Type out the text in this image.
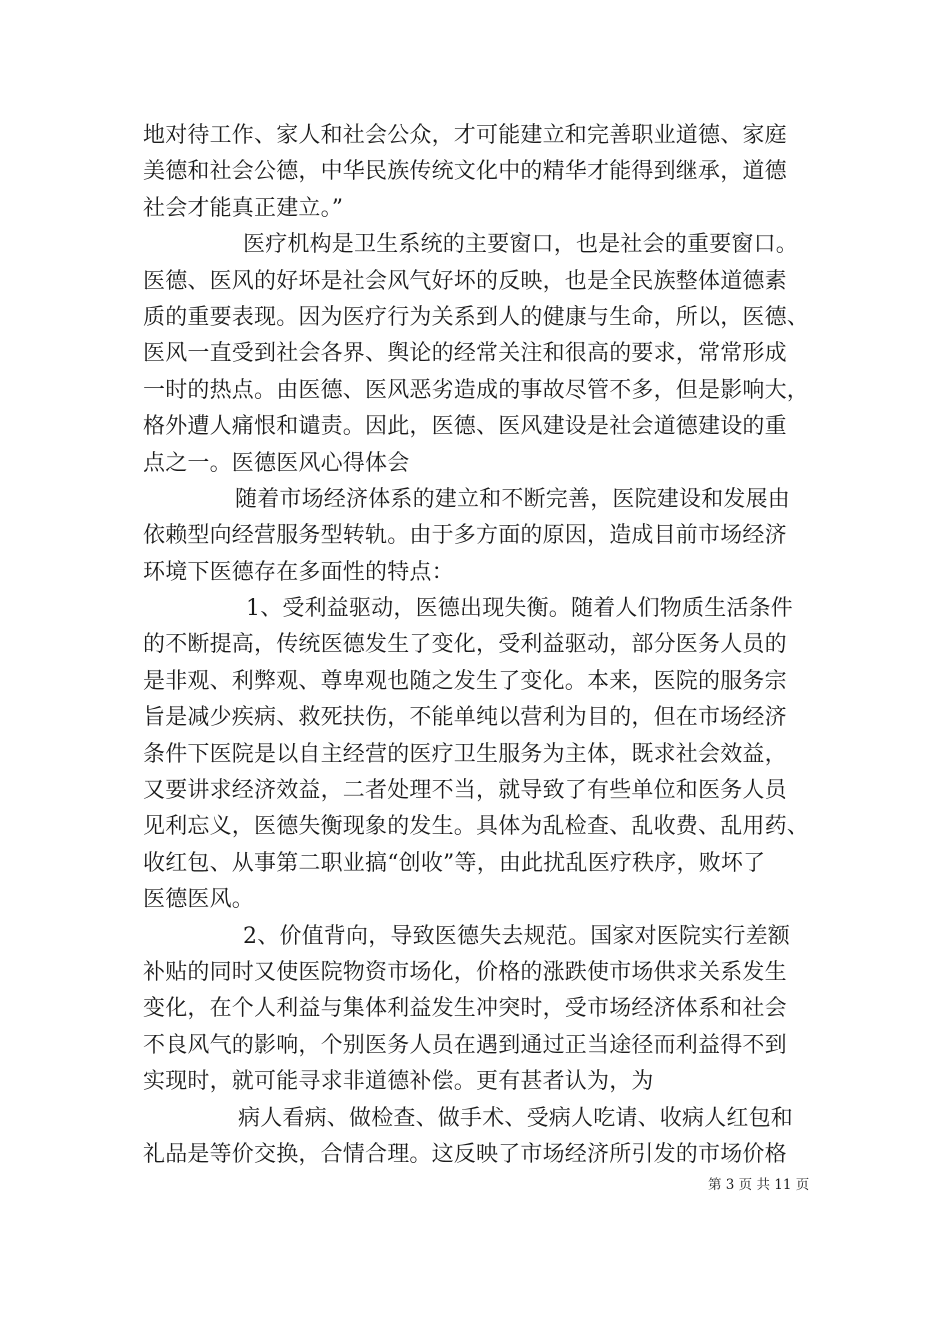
地对待工作、家人和社会公众，才可能建立和完善职业道德、家庭
美德和社会公德，中华民族传统文化中的精华才能得到继承，道德
社会才能真正建立。”
医疗机构是卫生系统的主要窗口，也是社会的重要窗口。
医德、医风的好坏是社会风气好坏的反映，也是全民族整体道德素
质的重要表现。因为医疗行为关系到人的健康与生命，所以，医德、
医风一直受到社会各界、舆论的经常关注和很高的要求，常常形成
一时的热点。由医德、医风恶劣造成的事故尽管不多，但是影响大，
格外遭人痛恨和谴责。因此，医德、医风建设是社会道德建设的重
点之一。医德医风心得体会
随着市场经济体系的建立和不断完善，医院建设和发展由
依赖型向经营服务型转轨。由于多方面的原因，造成目前市场经济
环境下医德存在多面性的特点：
1、受利益驱动，医德出现失衡。随着人们物质生活条件
的不断提高，传统医德发生了变化，受利益驱动，部分医务人员的
是非观、利弊观、尊卑观也随之发生了变化。本来，医院的服务宗
旨是减少疾病、救死扶伤，不能单纯以营利为目的，但在市场经济
条件下医院是以自主经营的医疗卫生服务为主体，既求社会效益，
又要讲求经济效益，二者处理不当，就导致了有些单位和医务人员
见利忘义，医德失衡现象的发生。具体为乱检查、乱收费、乱用药、
收红包、从事第二职业搞“创收”等，由此扰乱医疗秩序，败坏了
医德医风。
2、价值背向，导致医德失去规范。国家对医院实行差额
补贴的同时又使医院物资市场化，价格的涨跌使市场供求关系发生
变化，在个人利益与集体利益发生冲突时，受市场经济体系和社会
不良风气的影响，个别医务人员在遇到通过正当途径而利益得不到
实现时，就可能寻求非道德补偿。更有甚者认为，为
病人看病、做检查、做手术、受病人吃请、收病人红包和
礼品是等价交换，合情合理。这反映了市场经济所引发的市场价格
第 3 页 共 11 页
